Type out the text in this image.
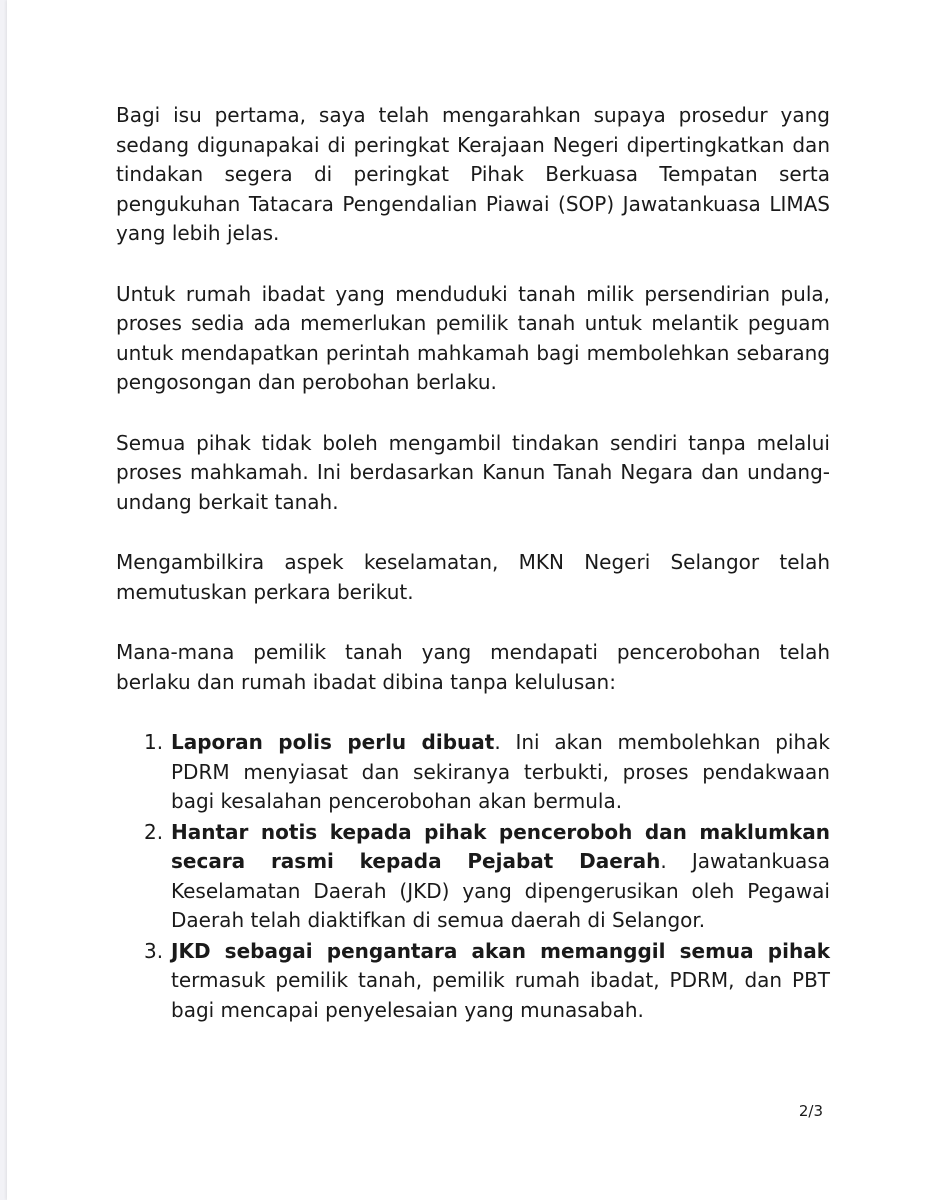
Bagi isu pertama, saya telah mengarahkan supaya prosedur yang sedang digunapakai di peringkat Kerajaan Negeri dipertingkatkan dan tindakan segera di peringkat Pihak Berkuasa Tempatan serta pengukuhan Tatacara Pengendalian Piawai (SOP) Jawatankuasa LIMAS yang lebih jelas.

Untuk rumah ibadat yang menduduki tanah milik persendirian pula, proses sedia ada memerlukan pemilik tanah untuk melantik peguam untuk mendapatkan perintah mahkamah bagi membolehkan sebarang pengosongan dan perobohan berlaku.

Semua pihak tidak boleh mengambil tindakan sendiri tanpa melalui proses mahkamah. Ini berdasarkan Kanun Tanah Negara dan undang-undang berkait tanah.

Mengambilkira aspek keselamatan, MKN Negeri Selangor telah memutuskan perkara berikut.

Mana-mana pemilik tanah yang mendapati pencerobohan telah berlaku dan rumah ibadat dibina tanpa kelulusan:

1. Laporan polis perlu dibuat. Ini akan membolehkan pihak PDRM menyiasat dan sekiranya terbukti, proses pendakwaan bagi kesalahan pencerobohan akan bermula.
2. Hantar notis kepada pihak penceroboh dan maklumkan secara rasmi kepada Pejabat Daerah. Jawatankuasa Keselamatan Daerah (JKD) yang dipengerusikan oleh Pegawai Daerah telah diaktifkan di semua daerah di Selangor.
3. JKD sebagai pengantara akan memanggil semua pihak termasuk pemilik tanah, pemilik rumah ibadat, PDRM, dan PBT bagi mencapai penyelesaian yang munasabah.
2/3
